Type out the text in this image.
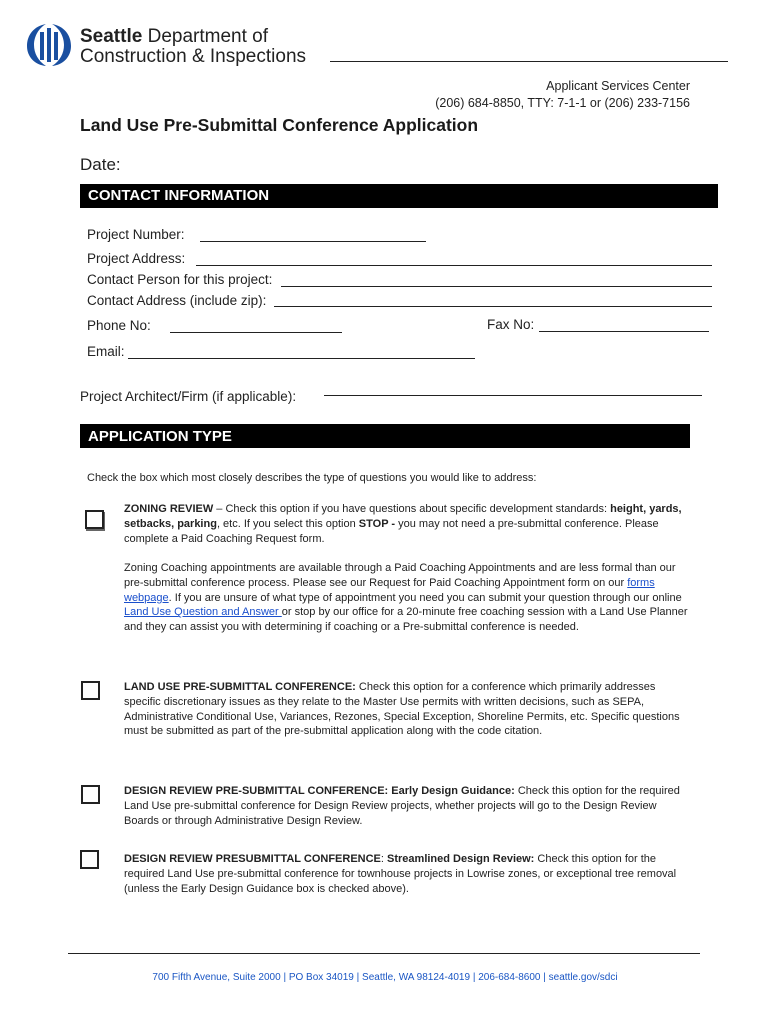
Seattle Department of
Construction & Inspections
Applicant Services Center
(206) 684-8850, TTY: 7-1-1 or (206) 233-7156
Land Use Pre-Submittal Conference Application
Date:
CONTACT INFORMATION
Project Number:
Project Address:
Contact Person for this project:
Contact Address (include zip):
Phone No:	Fax No:
Email:
Project Architect/Firm (if applicable):
APPLICATION TYPE
Check the box which most closely describes the type of questions you would like to address:
ZONING REVIEW – Check this option if you have questions about specific development standards: height, yards, setbacks, parking, etc. If you select this option STOP - you may not need a pre-submittal conference. Please complete a Paid Coaching Request form.
Zoning Coaching appointments are available through a Paid Coaching Appointments and are less formal than our pre-submittal conference process. Please see our Request for Paid Coaching Appointment form on our forms webpage. If you are unsure of what type of appointment you need you can submit your question through our online Land Use Question and Answer or stop by our office for a 20-minute free coaching session with a Land Use Planner and they can assist you with determining if coaching or a Pre-submittal conference is needed.
LAND USE PRE-SUBMITTAL CONFERENCE: Check this option for a conference which primarily addresses specific discretionary issues as they relate to the Master Use permits with written decisions, such as SEPA, Administrative Conditional Use, Variances, Rezones, Special Exception, Shoreline Permits, etc. Specific questions must be submitted as part of the pre-submittal application along with the code citation.
DESIGN REVIEW PRE-SUBMITTAL CONFERENCE: Early Design Guidance: Check this option for the required Land Use pre-submittal conference for Design Review projects, whether projects will go to the Design Review Boards or through Administrative Design Review.
DESIGN REVIEW PRESUBMITTAL CONFERENCE: Streamlined Design Review: Check this option for the required Land Use pre-submittal conference for townhouse projects in Lowrise zones, or exceptional tree removal (unless the Early Design Guidance box is checked above).
700 Fifth Avenue, Suite 2000 | PO Box 34019 | Seattle, WA 98124-4019 | 206-684-8600 | seattle.gov/sdci
